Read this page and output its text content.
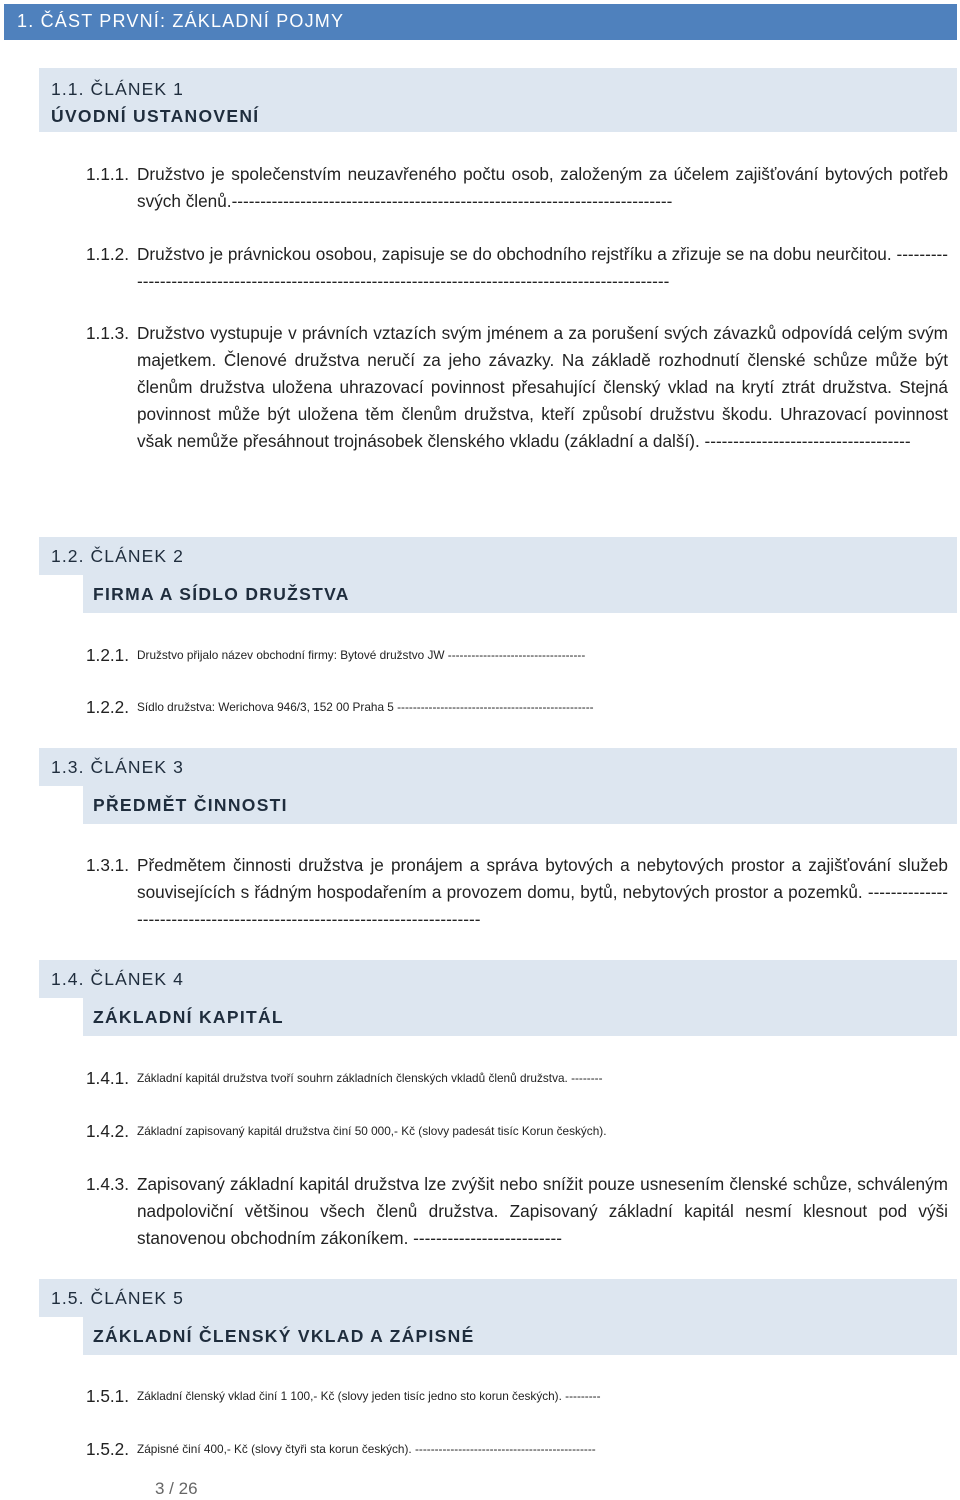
1. ČÁST PRVNÍ: ZÁKLADNÍ POJMY
1.1. ČLÁNEK 1
ÚVODNÍ USTANOVENÍ
1.1.1. Družstvo je společenstvím neuzavřeného počtu osob, založeným za účelem zajišťování bytových potřeb svých členů.-----------------------------------------------------------------------------
1.1.2. Družstvo je právnickou osobou, zapisuje se do obchodního rejstříku a zřizuje se na dobu neurčitou. ------------------------------------------------------------------------------------------------------
1.1.3. Družstvo vystupuje v právních vztazích svým jménem a za porušení svých závazků odpovídá celým svým majetkem. Členové družstva neručí za jeho závazky. Na základě rozhodnutí členské schůze může být členům družstva uložena uhrazovací povinnost přesahující členský vklad na krytí ztrát družstva. Stejná povinnost může být uložena těm členům družstva, kteří způsobí družstvu škodu. Uhrazovací povinnost však nemůže přesáhnout trojnásobek členského vkladu (základní a další). ------------------------------------
1.2. ČLÁNEK 2
FIRMA A SÍDLO DRUŽSTVA
1.2.1. Družstvo přijalo název obchodní firmy: Bytové družstvo JW -----------------------------------
1.2.2. Sídlo družstva: Werichova 946/3, 152 00 Praha 5 --------------------------------------------------
1.3. ČLÁNEK 3
PŘEDMĚT ČINNOSTI
1.3.1. Předmětem činnosti družstva je pronájem a správa bytových a nebytových prostor a zajišťování služeb souvisejících s řádným hospodařením a provozem domu, bytů, nebytových prostor a pozemků. --------------------------------------------------------------------------
1.4. ČLÁNEK 4
ZÁKLADNÍ KAPITÁL
1.4.1. Základní kapitál družstva tvoří souhrn základních členských vkladů členů družstva. --------
1.4.2. Základní zapisovaný kapitál družstva činí 50 000,- Kč (slovy padesát tisíc Korun českých).
1.4.3. Zapisovaný základní kapitál družstva lze zvýšit nebo snížit pouze usnesením členské schůze, schváleným nadpoloviční většinou všech členů družstva. Zapisovaný základní kapitál nesmí klesnout pod výši stanovenou obchodním zákoníkem. --------------------------
1.5. ČLÁNEK 5
ZÁKLADNÍ ČLENSKÝ VKLAD A ZÁPISNÉ
1.5.1. Základní členský vklad činí 1 100,- Kč (slovy jeden tisíc jedno sto korun českých). ---------
1.5.2. Zápisné činí 400,- Kč (slovy čtyři sta korun českých). ----------------------------------------------
3 / 26
